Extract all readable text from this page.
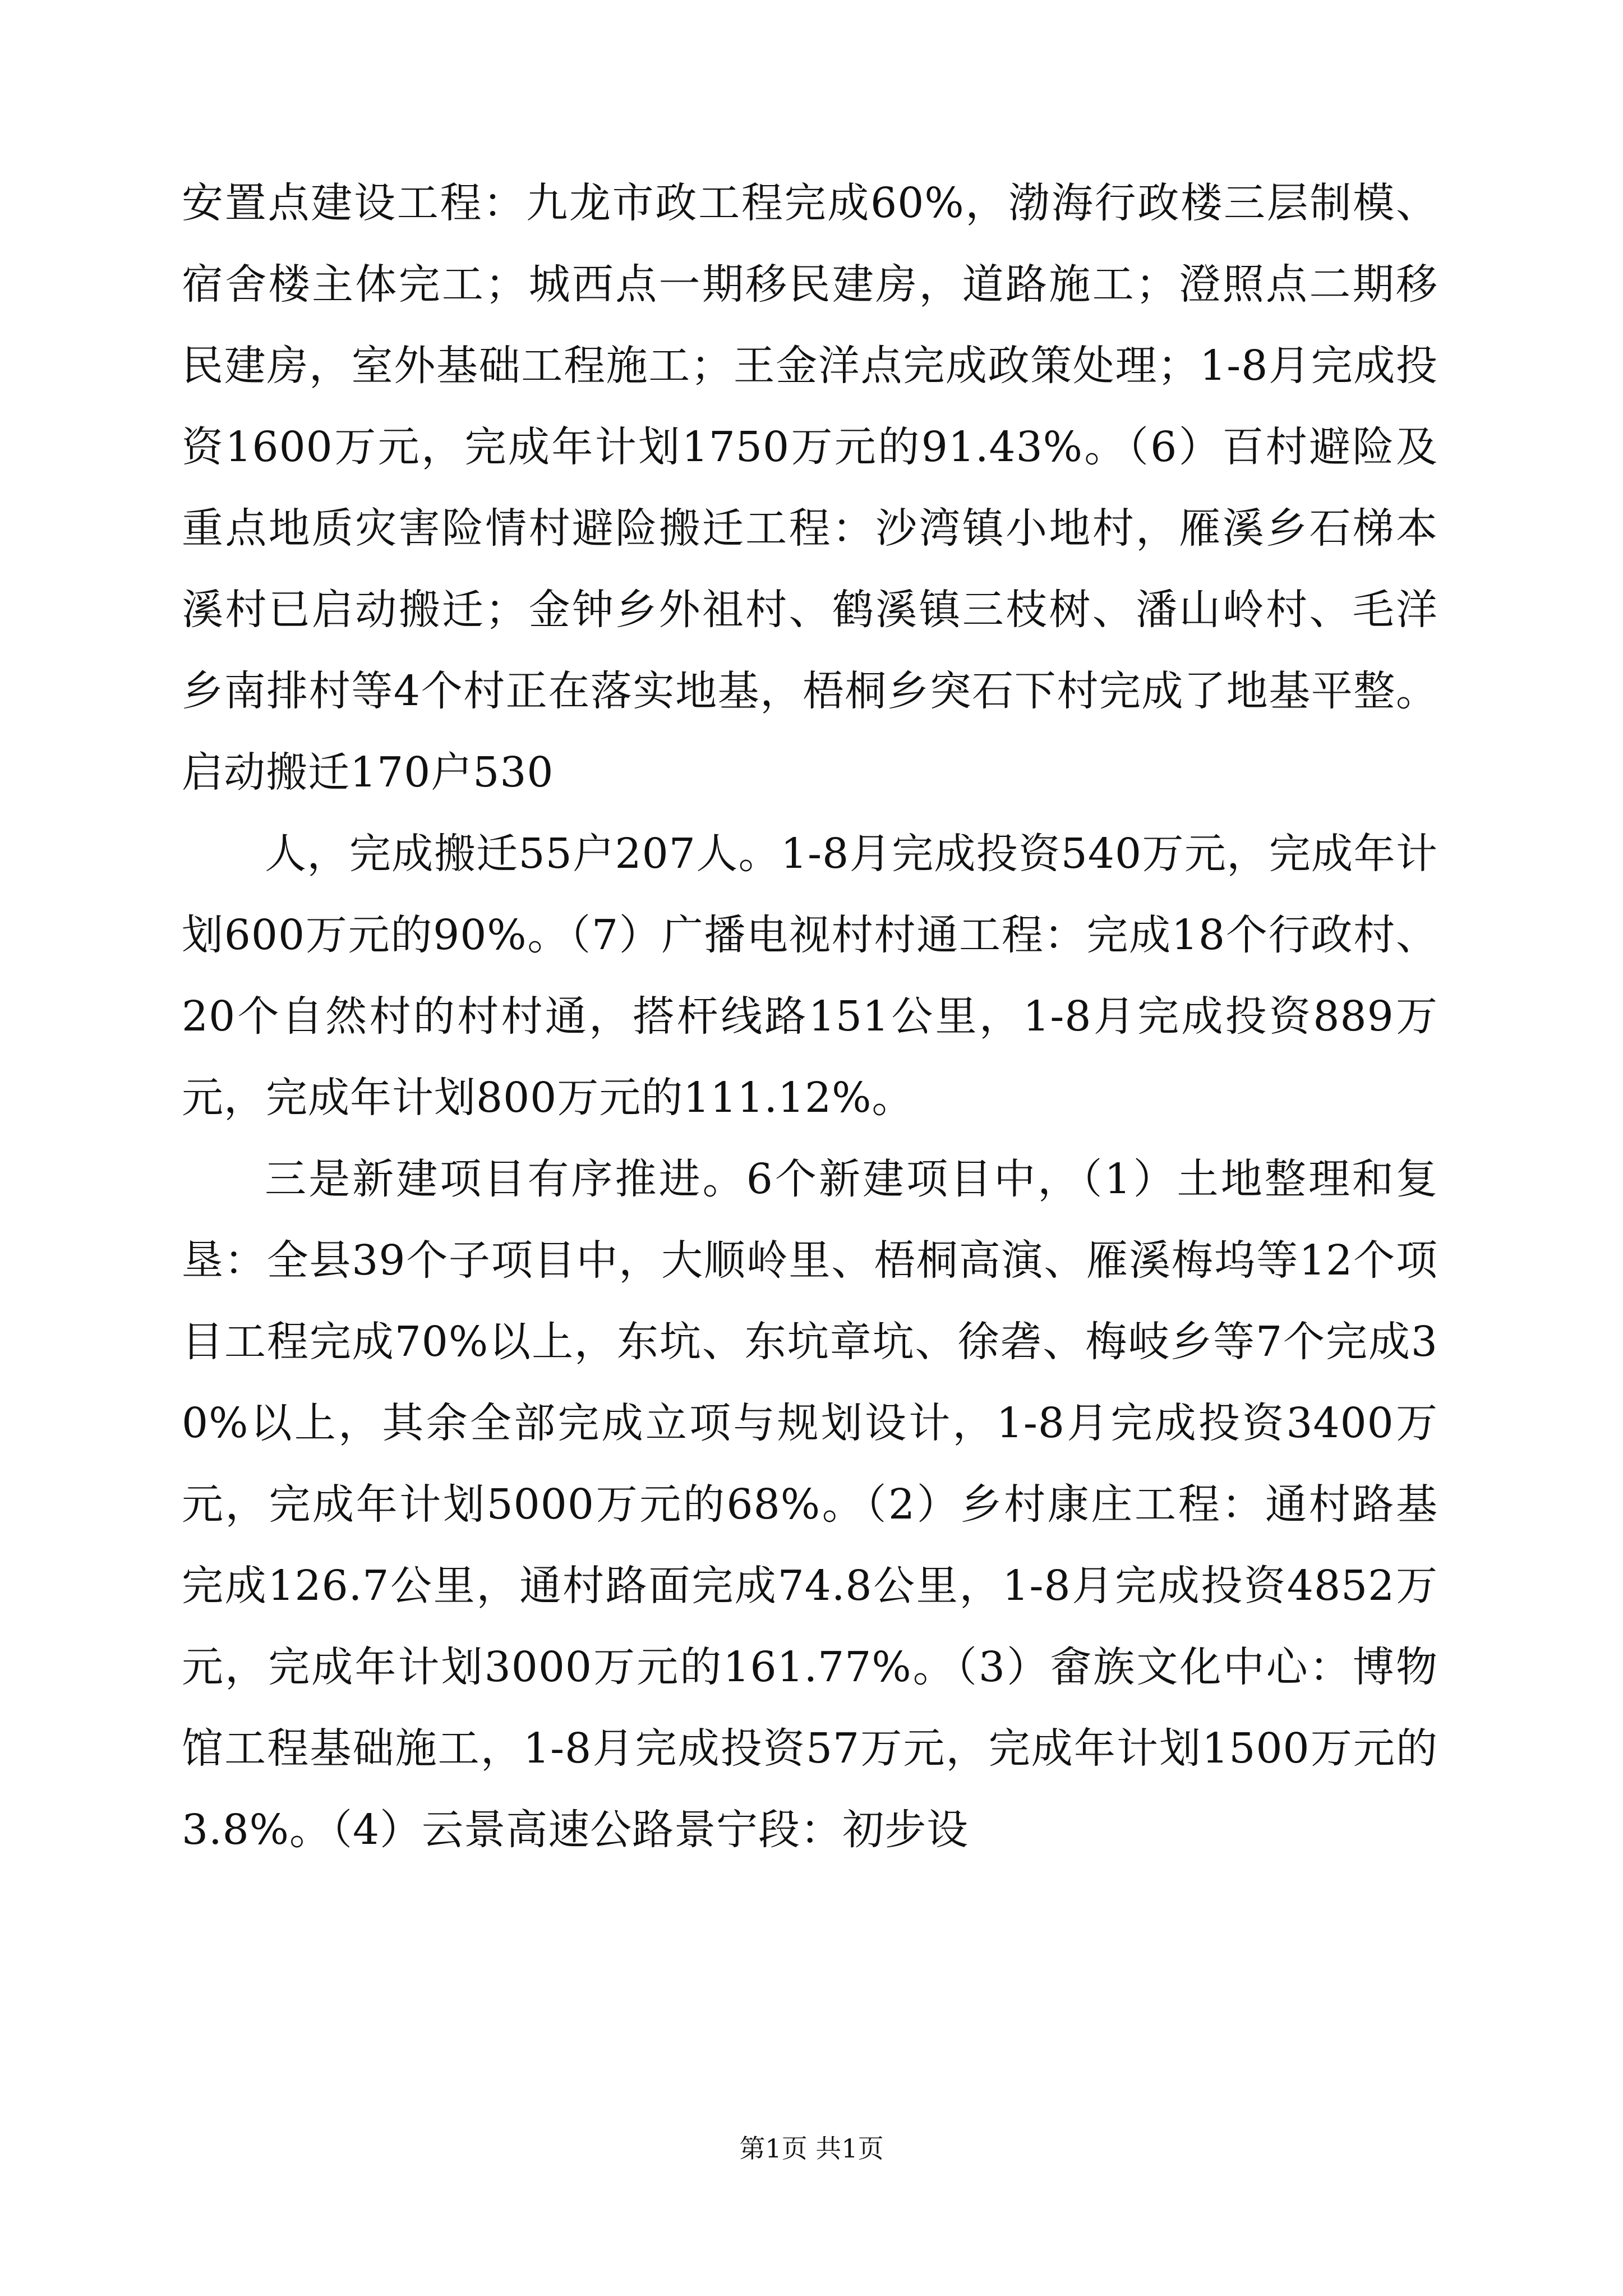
安置点建设工程：九龙市政工程完成60%，渤海行政楼三层制模、宿舍楼主体完工；城西点一期移民建房，道路施工；澄照点二期移民建房，室外基础工程施工；王金洋点完成政策处理；1-8月完成投资1600万元，完成年计划1750万元的91.43%。（6）百村避险及重点地质灾害险情村避险搬迁工程：沙湾镇小地村，雁溪乡石梯本溪村已启动搬迁；金钟乡外祖村、鹤溪镇三枝树、潘山岭村、毛洋乡南排村等4个村正在落实地基，梧桐乡突石下村完成了地基平整。启动搬迁170户530

人，完成搬迁55户207人。1-8月完成投资540万元，完成年计划600万元的90%。（7）广播电视村村通工程：完成18个行政村、20个自然村的村村通，搭杆线路151公里，1-8月完成投资889万元，完成年计划800万元的111.12%。

三是新建项目有序推进。6个新建项目中，（1）土地整理和复垦：全县39个子项目中，大顺岭里、梧桐高演、雁溪梅坞等12个项目工程完成70%以上，东坑、东坑章坑、徐砻、梅岐乡等7个完成30%以上，其余全部完成立项与规划设计，1-8月完成投资3400万元，完成年计划5000万元的68%。（2）乡村康庄工程：通村路基完成126.7公里，通村路面完成74.8公里，1-8月完成投资4852万元，完成年计划3000万元的161.77%。（3）畲族文化中心：博物馆工程基础施工，1-8月完成投资57万元，完成年计划1500万元的3.8%。（4）云景高速公路景宁段：初步设

第1页 共1页
